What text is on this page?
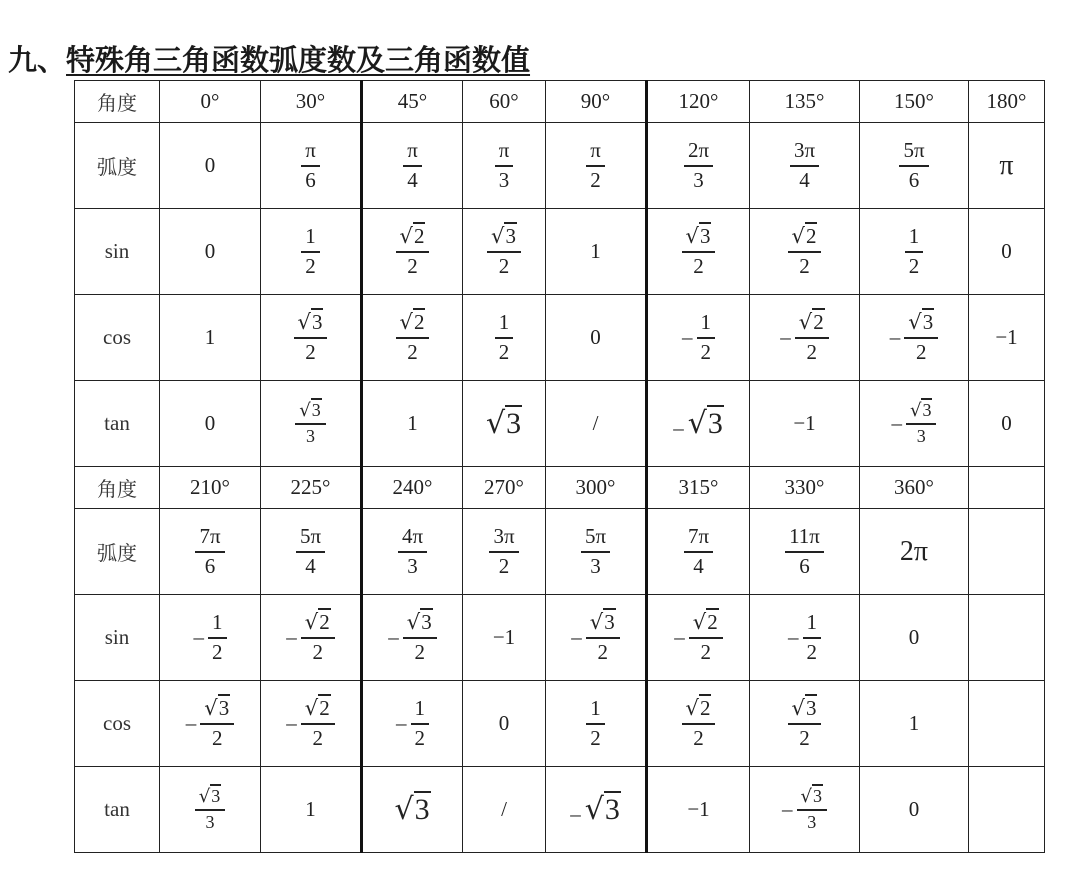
九、特殊角三角函数弧度数及三角函数值
角度	0°	30°	45°	60°	90°	120°	135°	150°	180°
弧度	0	$\frac{\pi}{6}$	$\frac{\pi}{4}$	$\frac{\pi}{3}$	$\frac{\pi}{2}$	$\frac{2\pi}{3}$	$\frac{3\pi}{4}$	$\frac{5\pi}{6}$	π
sin	0	$\frac{1}{2}$	$\frac{√2}{2}$	$\frac{√3}{2}$	1	$\frac{√3}{2}$	$\frac{√2}{2}$	$\frac{1}{2}$	0
cos	1	$\frac{√3}{2}$	$\frac{√2}{2}$	$\frac{1}{2}$	0	– $\frac{1}{2}$	– $\frac{√2}{2}$	– $\frac{√3}{2}$	−1
tan	0	$\frac{√3}{3}$	1	√3	/	– √3	−1	– $\frac{√3}{3}$	0
角度	210°	225°	240°	270°	300°	315°	330°	360°	
弧度	$\frac{7\pi}{6}$	$\frac{5\pi}{4}$	$\frac{4\pi}{3}$	$\frac{3\pi}{2}$	$\frac{5\pi}{3}$	$\frac{7\pi}{4}$	$\frac{11\pi}{6}$	2π	
sin	– $\frac{1}{2}$	– $\frac{√2}{2}$	– $\frac{√3}{2}$	−1	– $\frac{√3}{2}$	– $\frac{√2}{2}$	– $\frac{1}{2}$	0	
cos	– $\frac{√3}{2}$	– $\frac{√2}{2}$	– $\frac{1}{2}$	0	$\frac{1}{2}$	$\frac{√2}{2}$	$\frac{√3}{2}$	1	
tan	$\frac{√3}{3}$	1	√3	/	– √3	−1	– $\frac{√3}{3}$	0	
